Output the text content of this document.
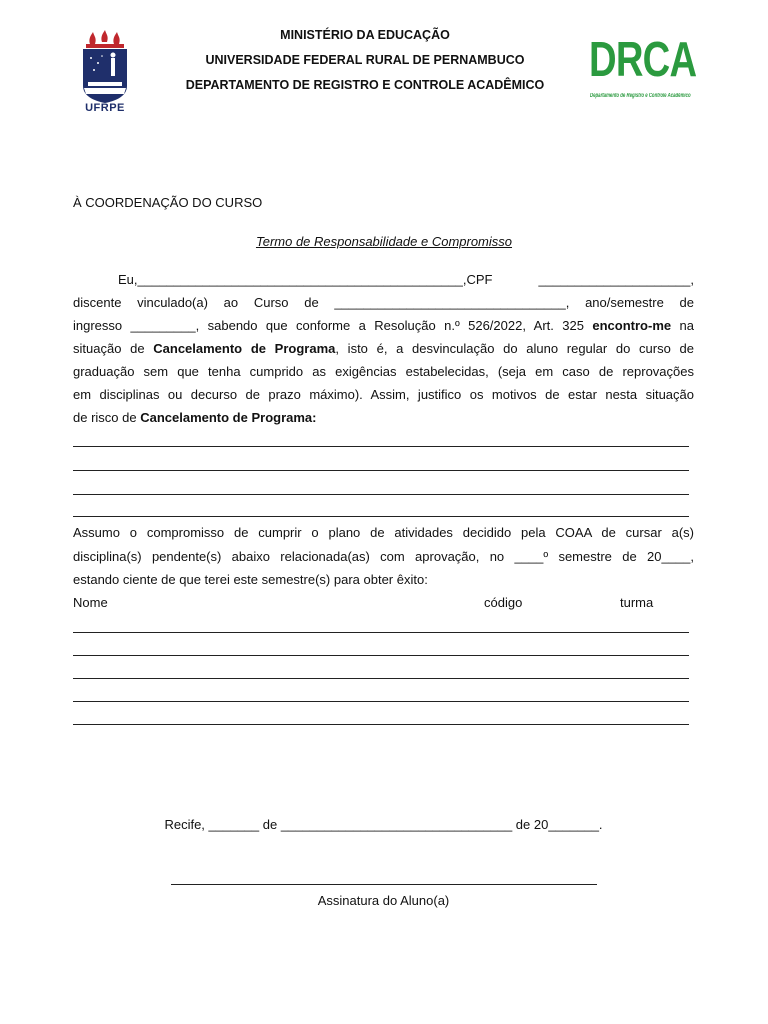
MINISTÉRIO DA EDUCAÇÃO
UNIVERSIDADE FEDERAL RURAL DE PERNAMBUCO
DEPARTAMENTO DE REGISTRO E CONTROLE ACADÊMICO
UFRPE
DRCA
Departamento de Registro e Controle Acadêmico
À COORDENAÇÃO DO CURSO
Termo de Responsabilidade e Compromisso
Eu,_____________________________________________,CPF _____________________,
discente vinculado(a) ao Curso de ________________________________, ano/semestre de
ingresso _________, sabendo que conforme a Resolução n.º 526/2022, Art. 325 encontro-me na
situação de Cancelamento de Programa, isto é, a desvinculação do aluno regular do curso de
graduação sem que tenha cumprido as exigências estabelecidas, (seja em caso de reprovações
em disciplinas ou decurso de prazo máximo). Assim, justifico os motivos de estar nesta situação
de risco de Cancelamento de Programa:
Assumo o compromisso de cumprir o plano de atividades decidido pela COAA de cursar a(s)
disciplina(s) pendente(s) abaixo relacionada(as) com aprovação, no ____º semestre de 20____,
estando ciente de que terei este semestre(s) para obter êxito:
Nome	código	turma
Recife, _______ de ________________________________ de 20_______.
Assinatura do Aluno(a)
